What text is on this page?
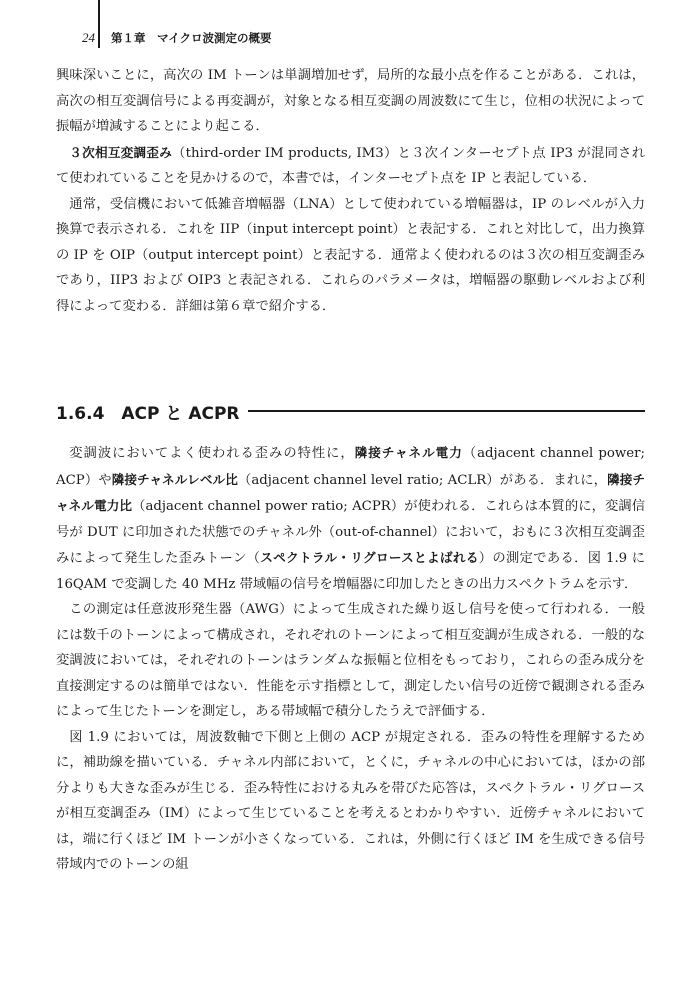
24 第１章　マイクロ波測定の概要

興味深いことに，高次の IM トーンは単調増加せず，局所的な最小点を作ることがある．これは，高次の相互変調信号による再変調が，対象となる相互変調の周波数にて生じ，位相の状況によって振幅が増減することにより起こる．

３次相互変調歪み（third-order IM products, IM3）と３次インターセプト点 IP3 が混同されて使われていることを見かけるので，本書では，インターセプト点を IP と表記している．

通常，受信機において低雑音増幅器（LNA）として使われている増幅器は，IP のレベルが入力換算で表示される．これを IIP（input intercept point）と表記する．これと対比して，出力換算の IP を OIP（output intercept point）と表記する．通常よく使われるのは３次の相互変調歪みであり，IIP3 および OIP3 と表記される．これらのパラメータは，増幅器の駆動レベルおよび利得によって変わる．詳細は第６章で紹介する．

1.6.4　ACP と ACPR

変調波においてよく使われる歪みの特性に，隣接チャネル電力（adjacent channel power; ACP）や隣接チャネルレベル比（adjacent channel level ratio; ACLR）がある．まれに，隣接チャネル電力比（adjacent channel power ratio; ACPR）が使われる．これらは本質的に，変調信号が DUT に印加された状態でのチャネル外（out-of-channel）において，おもに３次相互変調歪みによって発生した歪みトーン（スペクトラル・リグロースとよばれる）の測定である．図 1.9 に 16QAM で変調した 40 MHz 帯域幅の信号を増幅器に印加したときの出力スペクトラムを示す．

この測定は任意波形発生器（AWG）によって生成された繰り返し信号を使って行われる．一般には数千のトーンによって構成され，それぞれのトーンによって相互変調が生成される．一般的な変調波においては，それぞれのトーンはランダムな振幅と位相をもっており，これらの歪み成分を直接測定するのは簡単ではない．性能を示す指標として，測定したい信号の近傍で観測される歪みによって生じたトーンを測定し，ある帯域幅で積分したうえで評価する．

図 1.9 においては，周波数軸で下側と上側の ACP が規定される．歪みの特性を理解するために，補助線を描いている．チャネル内部において，とくに，チャネルの中心においては，ほかの部分よりも大きな歪みが生じる．歪み特性における丸みを帯びた応答は，スペクトラル・リグロースが相互変調歪み（IM）によって生じていることを考えるとわかりやすい．近傍チャネルにおいては，端に行くほど IM トーンが小さくなっている．これは，外側に行くほど IM を生成できる信号帯域内でのトーンの組
